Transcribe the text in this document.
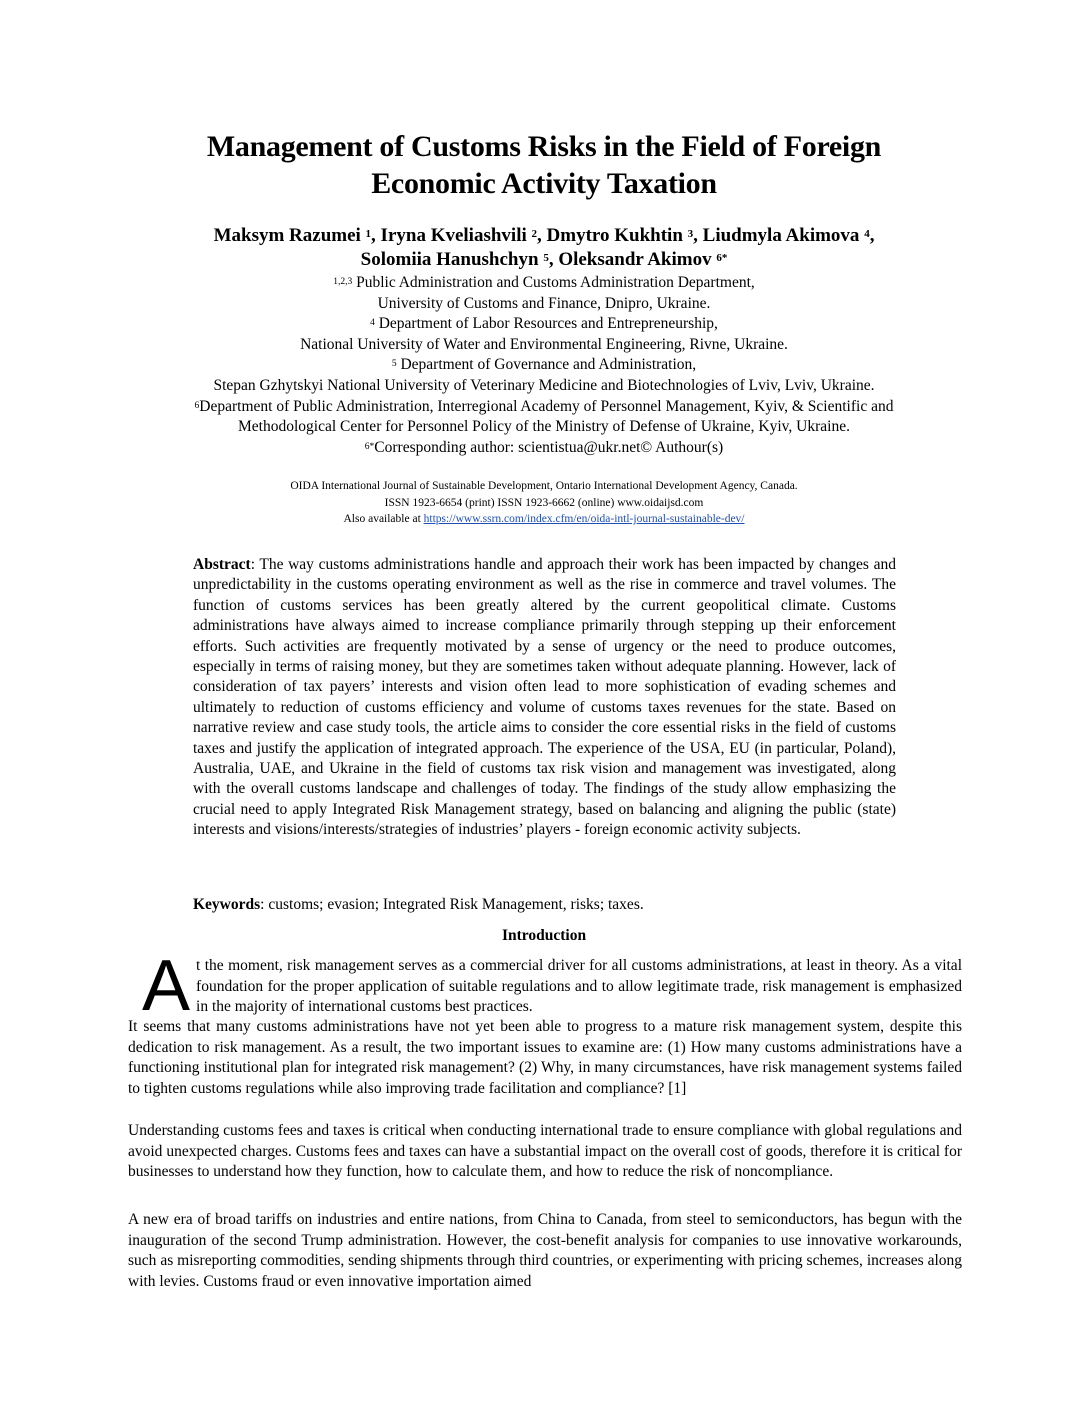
Management of Customs Risks in the Field of Foreign
Economic Activity Taxation
Maksym Razumei $^1$, Iryna Kveliashvili $^2$, Dmytro Kukhtin $^3$, Liudmyla Akimova $^4$,
Solomiia Hanushchyn $^5$, Oleksandr Akimov $^{6*}$
$^{1,2,3}$ Public Administration and Customs Administration Department,
University of Customs and Finance, Dnipro, Ukraine.
$^4$ Department of Labor Resources and Entrepreneurship,
National University of Water and Environmental Engineering, Rivne, Ukraine.
$^5$ Department of Governance and Administration,
Stepan Gzhytskyi National University of Veterinary Medicine and Biotechnologies of Lviv, Lviv, Ukraine.
$^6$Department of Public Administration, Interregional Academy of Personnel Management, Kyiv, & Scientific and
Methodological Center for Personnel Policy of the Ministry of Defense of Ukraine, Kyiv, Ukraine.
$^{6*}$Corresponding author: scientistua@ukr.net© Authour(s)
OIDA International Journal of Sustainable Development, Ontario International Development Agency, Canada.
ISSN 1923-6654 (print) ISSN 1923-6662 (online) www.oidaijsd.com
Also available at https://www.ssrn.com/index.cfm/en/oida-intl-journal-sustainable-dev/

Abstract: The way customs administrations handle and approach their work has been impacted by changes and unpredictability in the customs operating environment as well as the rise in commerce and travel volumes. The function of customs services has been greatly altered by the current geopolitical climate. Customs administrations have always aimed to increase compliance primarily through stepping up their enforcement efforts. Such activities are frequently motivated by a sense of urgency or the need to produce outcomes, especially in terms of raising money, but they are sometimes taken without adequate planning. However, lack of consideration of tax payers’ interests and vision often lead to more sophistication of evading schemes and ultimately to reduction of customs efficiency and volume of customs taxes revenues for the state. Based on narrative review and case study tools, the article aims to consider the core essential risks in the field of customs taxes and justify the application of integrated approach. The experience of the USA, EU (in particular, Poland), Australia, UAE, and Ukraine in the field of customs tax risk vision and management was investigated, along with the overall customs landscape and challenges of today. The findings of the study allow emphasizing the crucial need to apply Integrated Risk Management strategy, based on balancing and aligning the public (state) interests and visions/interests/strategies of industries’ players - foreign economic activity subjects.

Keywords: customs; evasion; Integrated Risk Management, risks; taxes.

Introduction

At the moment, risk management serves as a commercial driver for all customs administrations, at least in theory. As a vital foundation for the proper application of suitable regulations and to allow legitimate trade, risk management is emphasized in the majority of international customs best practices.

It seems that many customs administrations have not yet been able to progress to a mature risk management system, despite this dedication to risk management. As a result, the two important issues to examine are: (1) How many customs administrations have a functioning institutional plan for integrated risk management? (2) Why, in many circumstances, have risk management systems failed to tighten customs regulations while also improving trade facilitation and compliance? [1]

Understanding customs fees and taxes is critical when conducting international trade to ensure compliance with global regulations and avoid unexpected charges. Customs fees and taxes can have a substantial impact on the overall cost of goods, therefore it is critical for businesses to understand how they function, how to calculate them, and how to reduce the risk of noncompliance.

A new era of broad tariffs on industries and entire nations, from China to Canada, from steel to semiconductors, has begun with the inauguration of the second Trump administration. However, the cost-benefit analysis for companies to use innovative workarounds, such as misreporting commodities, sending shipments through third countries, or experimenting with pricing schemes, increases along with levies. Customs fraud or even innovative importation aimed
